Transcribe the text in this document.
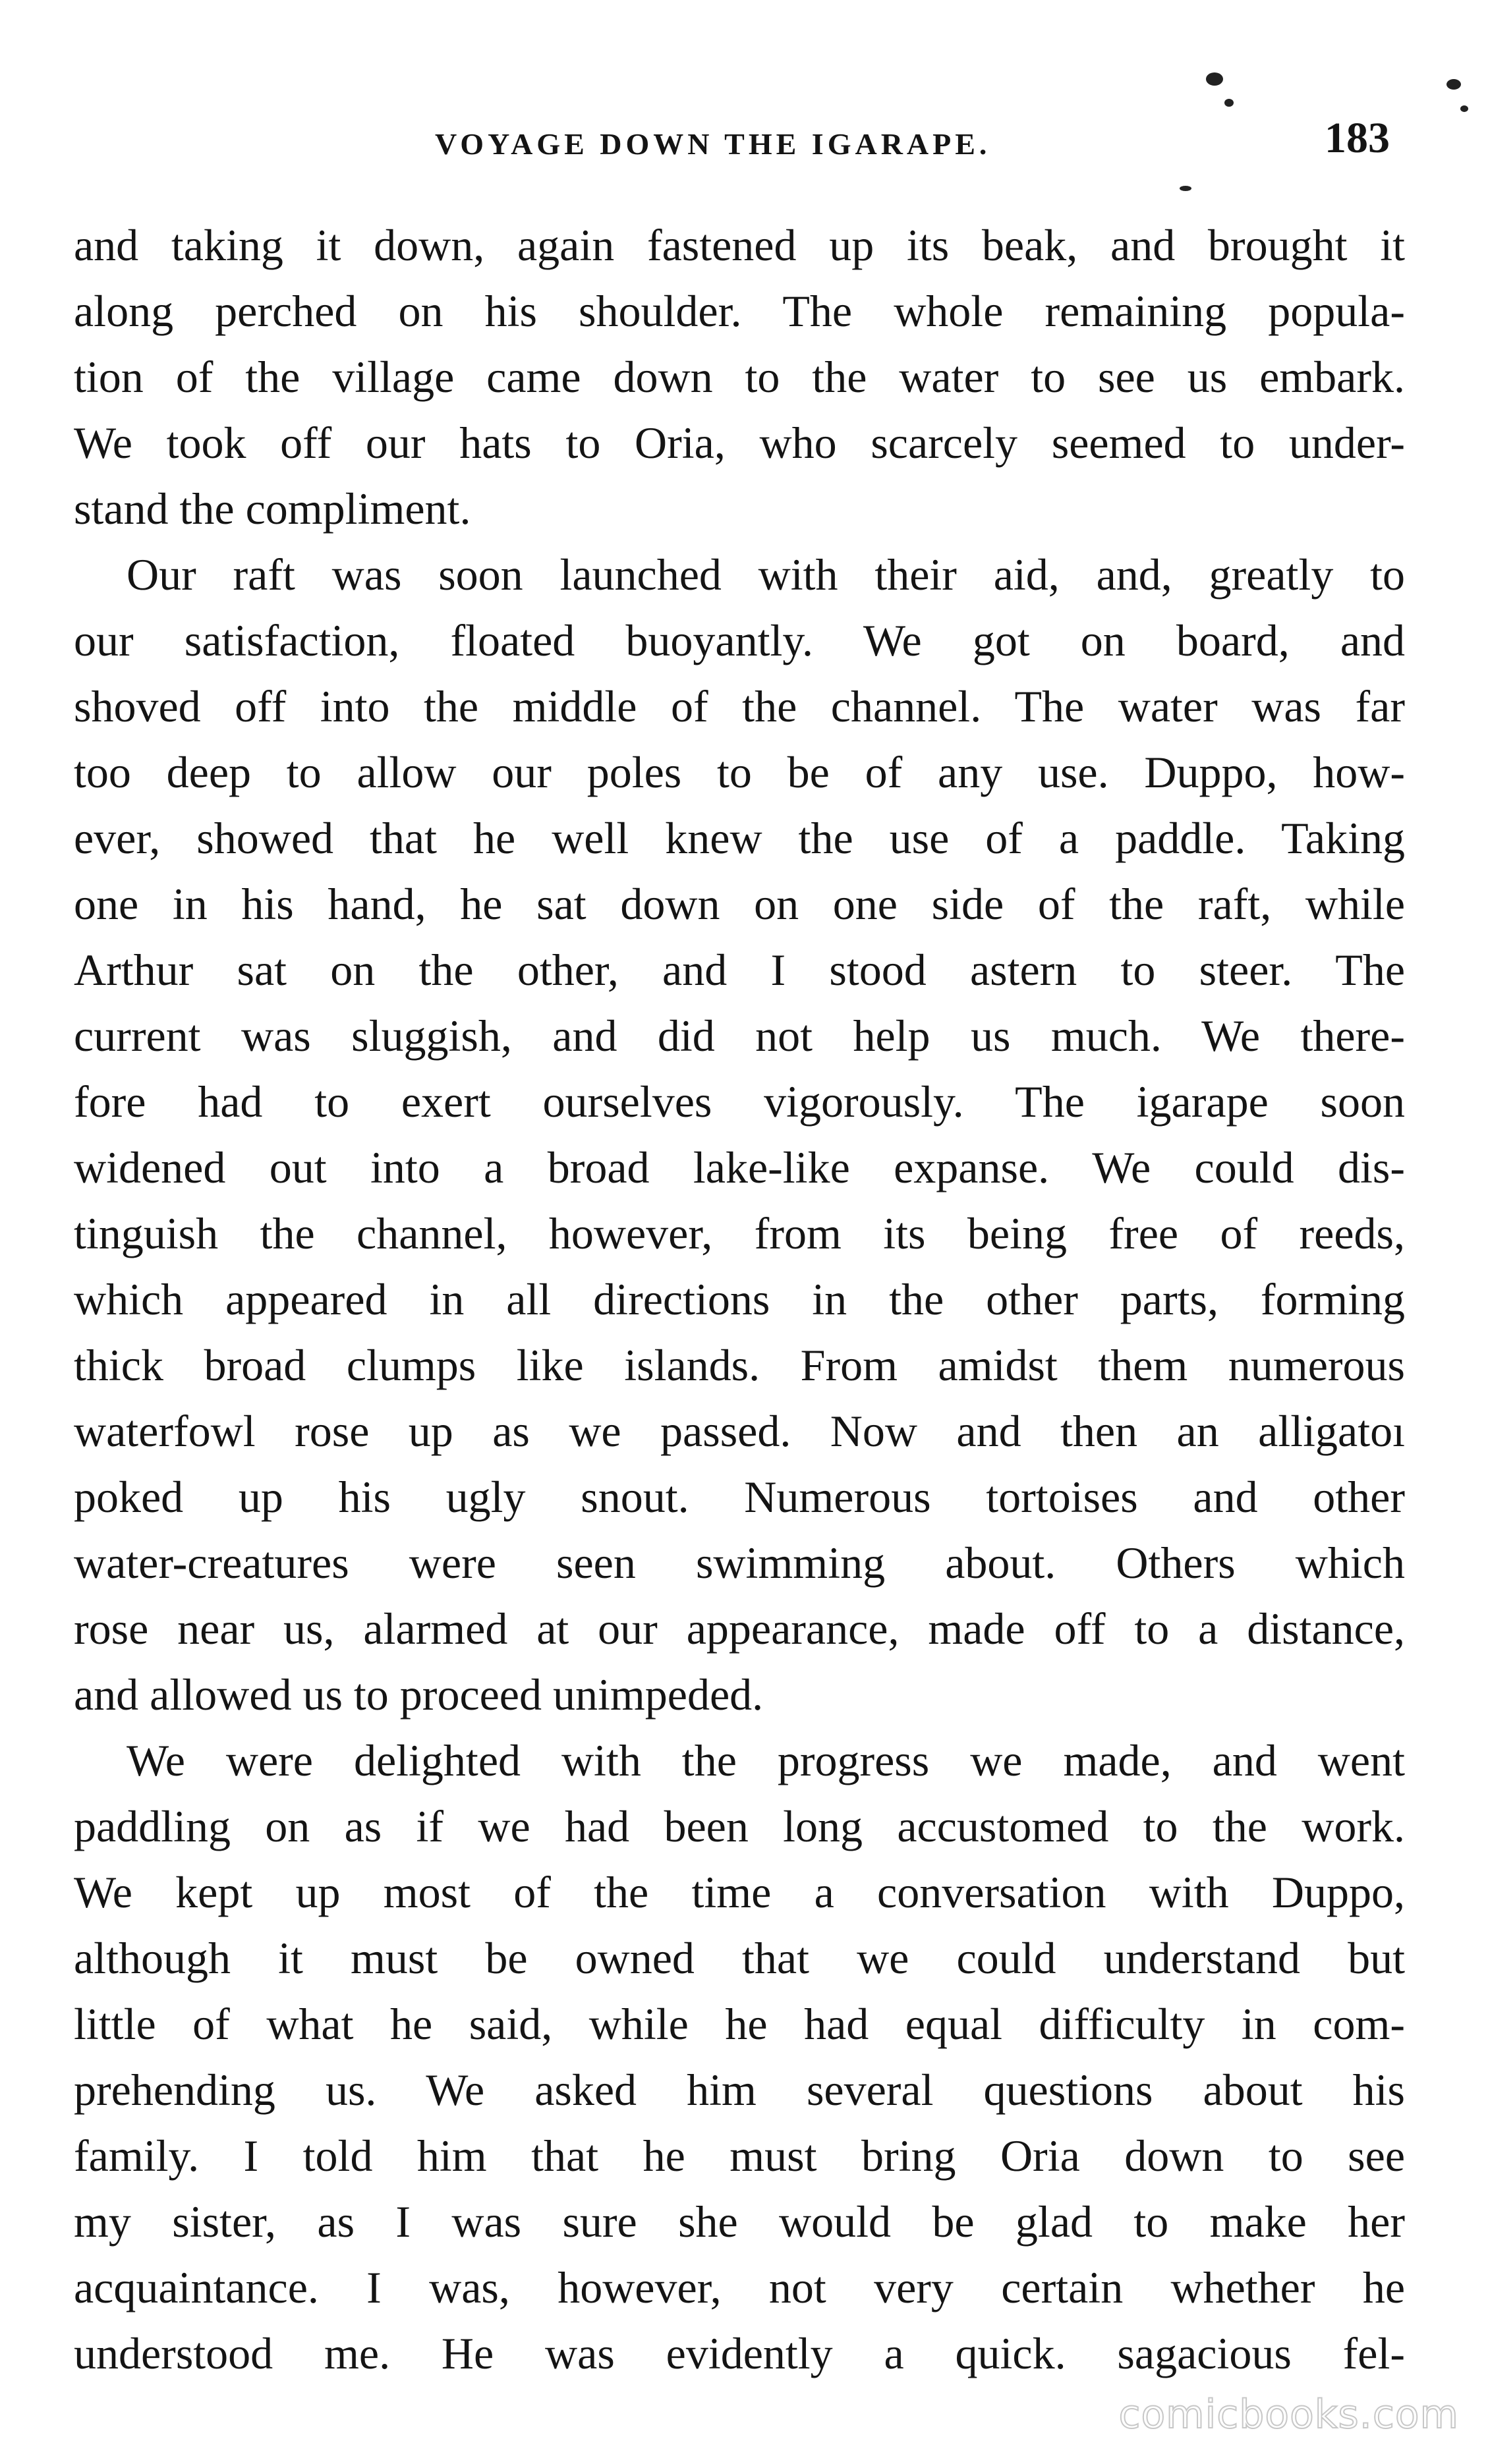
VOYAGE DOWN THE IGARAPE.	183
and taking it down, again fastened up its beak, and brought it
along perched on his shoulder. The whole remaining popula-
tion of the village came down to the water to see us embark.
We took off our hats to Oria, who scarcely seemed to under-
stand the compliment.
Our raft was soon launched with their aid, and, greatly to
our satisfaction, floated buoyantly. We got on board, and
shoved off into the middle of the channel. The water was far
too deep to allow our poles to be of any use. Duppo, how-
ever, showed that he well knew the use of a paddle. Taking
one in his hand, he sat down on one side of the raft, while
Arthur sat on the other, and I stood astern to steer. The
current was sluggish, and did not help us much. We there-
fore had to exert ourselves vigorously. The igarape soon
widened out into a broad lake-like expanse. We could dis-
tinguish the channel, however, from its being free of reeds,
which appeared in all directions in the other parts, forming
thick broad clumps like islands. From amidst them numerous
waterfowl rose up as we passed. Now and then an alligatoı
poked up his ugly snout. Numerous tortoises and other
water-creatures were seen swimming about. Others which
rose near us, alarmed at our appearance, made off to a distance,
and allowed us to proceed unimpeded.
We were delighted with the progress we made, and went
paddling on as if we had been long accustomed to the work.
We kept up most of the time a conversation with Duppo,
although it must be owned that we could understand but
little of what he said, while he had equal difficulty in com-
prehending us. We asked him several questions about his
family. I told him that he must bring Oria down to see
my sister, as I was sure she would be glad to make her
acquaintance. I was, however, not very certain whether he
understood me. He was evidently a quick. sagacious fel-
comicbooks.com
